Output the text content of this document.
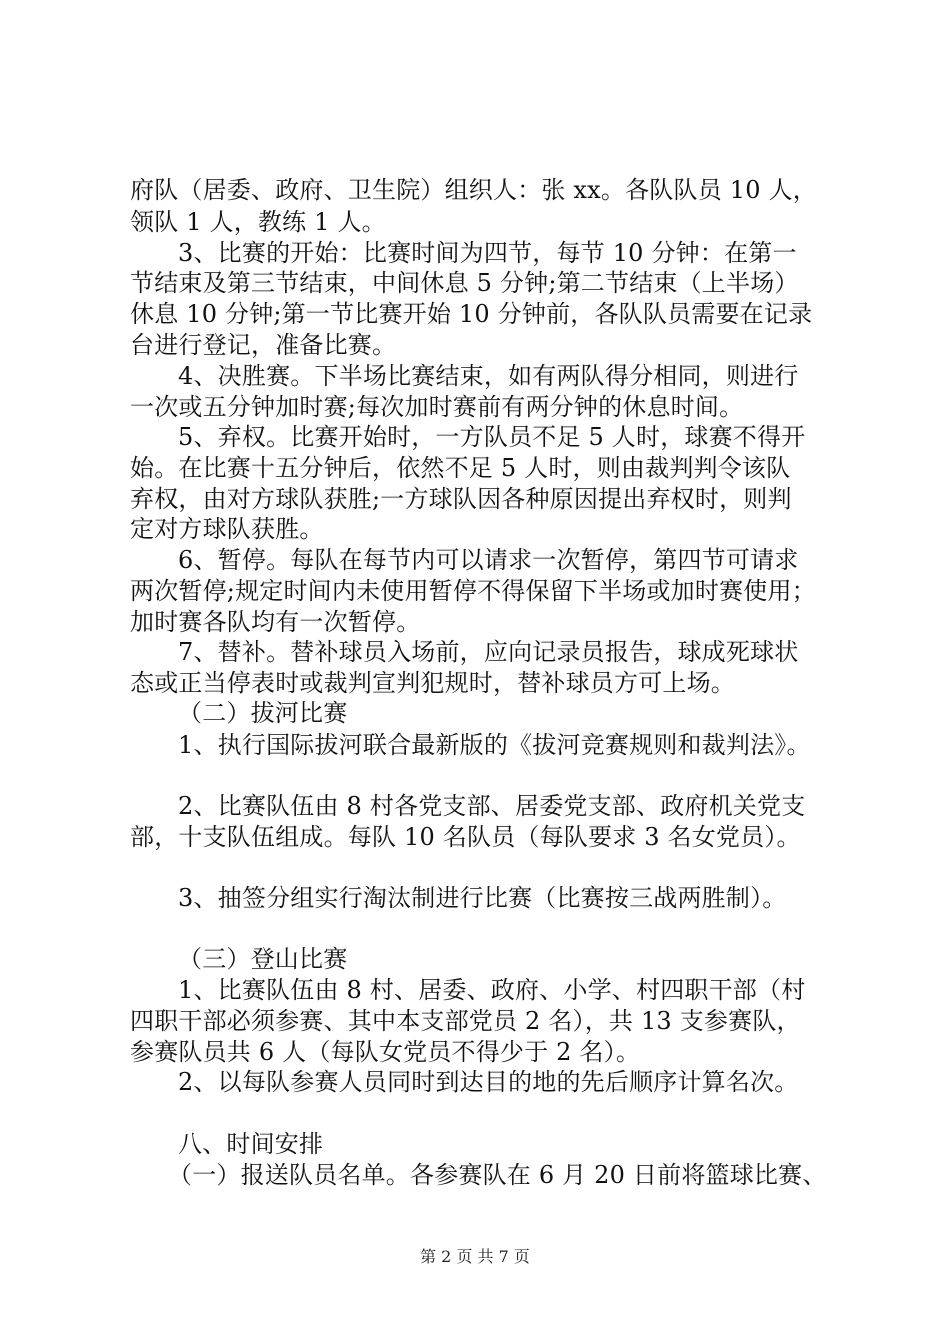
府队（居委、政府、卫生院）组织人：张 xx。各队队员 10 人，
领队 1 人，教练 1 人。
3、比赛的开始：比赛时间为四节，每节 10 分钟：在第一
节结束及第三节结束，中间休息 5 分钟;第二节结束（上半场）
休息 10 分钟;第一节比赛开始 10 分钟前，各队队员需要在记录
台进行登记，准备比赛。
4、决胜赛。下半场比赛结束，如有两队得分相同，则进行
一次或五分钟加时赛;每次加时赛前有两分钟的休息时间。
5、弃权。比赛开始时，一方队员不足 5 人时，球赛不得开
始。在比赛十五分钟后，依然不足 5 人时，则由裁判判令该队
弃权，由对方球队获胜;一方球队因各种原因提出弃权时，则判
定对方球队获胜。
6、暂停。每队在每节内可以请求一次暂停，第四节可请求
两次暂停;规定时间内未使用暂停不得保留下半场或加时赛使用；
加时赛各队均有一次暂停。
7、替补。替补球员入场前，应向记录员报告，球成死球状
态或正当停表时或裁判宣判犯规时，替补球员方可上场。
（二）拔河比赛
1、执行国际拔河联合最新版的《拔河竞赛规则和裁判法》。
2、比赛队伍由 8 村各党支部、居委党支部、政府机关党支
部，十支队伍组成。每队 10 名队员（每队要求 3 名女党员）。
3、抽签分组实行淘汰制进行比赛（比赛按三战两胜制）。
（三）登山比赛
1、比赛队伍由 8 村、居委、政府、小学、村四职干部（村
四职干部必须参赛、其中本支部党员 2 名），共 13 支参赛队，
参赛队员共 6 人（每队女党员不得少于 2 名）。
2、以每队参赛人员同时到达目的地的先后顺序计算名次。
八、时间安排
（一）报送队员名单。各参赛队在 6 月 20 日前将篮球比赛、
第 2 页 共 7 页
